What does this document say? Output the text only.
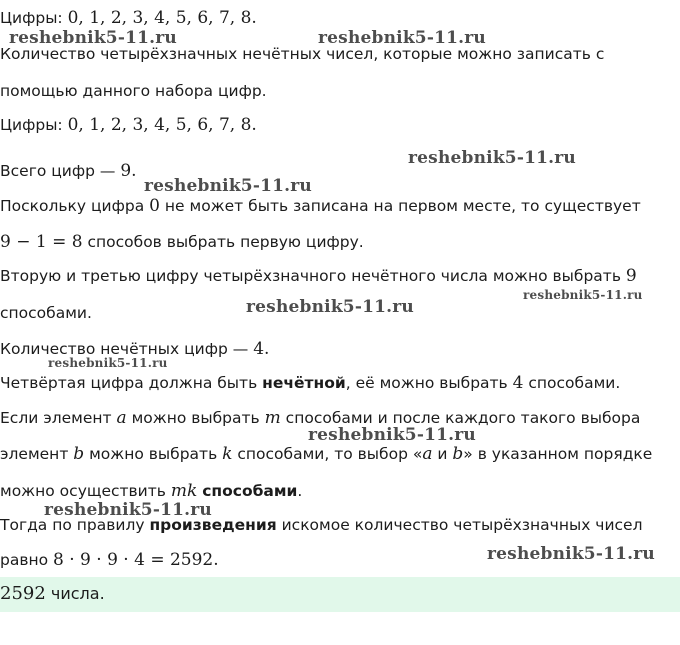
Цифры: 0, 1, 2, 3, 4, 5, 6, 7, 8.

Количество четырёхзначных нечётных чисел, которые можно записать с

помощью данного набора цифр.

Цифры: 0, 1, 2, 3, 4, 5, 6, 7, 8.

Всего цифр — 9.

Поскольку цифра 0 не может быть записана на первом месте, то существует

9 − 1 = 8 способов выбрать первую цифру.

Вторую и третью цифру четырёхзначного нечётного числа можно выбрать 9

способами.

Количество нечётных цифр — 4.

Четвёртая цифра должна быть нечётной, её можно выбрать 4 способами.

Если элемент a можно выбрать m способами и после каждого такого выбора

элемент b можно выбрать k способами, то выбор «a и b» в указанном порядке

можно осуществить mk способами.

Тогда по правилу произведения искомое количество четырёхзначных чисел

равно 8 · 9 · 9 · 4 = 2592.

2592 числа.

reshebnik5-11.ru	reshebnik5-11.ru
reshebnik5-11.ru
reshebnik5-11.ru
reshebnik5-11.ru
reshebnik5-11.ru
reshebnik5-11.ru
reshebnik5-11.ru
reshebnik5-11.ru
reshebnik5-11.ru
